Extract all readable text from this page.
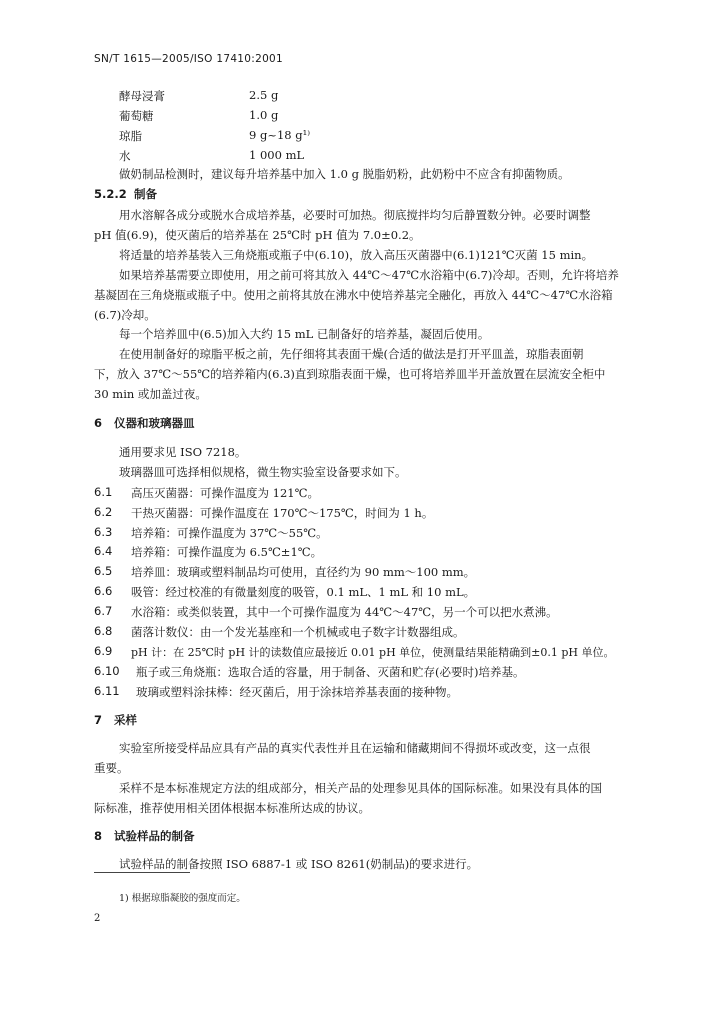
SN/T 1615—2005/ISO 17410:2001
酵母浸膏	2.5 g
葡萄糖	1.0 g
琼脂	9 g~18 g¹⁾
水	1 000 mL
做奶制品检测时，建议每升培养基中加入 1.0 g 脱脂奶粉，此奶粉中不应含有抑菌物质。
5.2.2 制备
用水溶解各成分或脱水合成培养基，必要时可加热。彻底搅拌均匀后静置数分钟。必要时调整
pH 值(6.9)，使灭菌后的培养基在 25℃时 pH 值为 7.0±0.2。
将适量的培养基装入三角烧瓶或瓶子中(6.10)，放入高压灭菌器中(6.1)121℃灭菌 15 min。
如果培养基需要立即使用，用之前可将其放入 44℃～47℃水浴箱中(6.7)冷却。否则，允许将培养
基凝固在三角烧瓶或瓶子中。使用之前将其放在沸水中使培养基完全融化，再放入 44℃～47℃水浴箱
(6.7)冷却。
每一个培养皿中(6.5)加入大约 15 mL 已制备好的培养基，凝固后使用。
在使用制备好的琼脂平板之前，先仔细将其表面干燥(合适的做法是打开平皿盖，琼脂表面朝
下，放入 37℃～55℃的培养箱内(6.3)直到琼脂表面干燥，也可将培养皿半开盖放置在层流安全柜中
30 min 或加盖过夜。
6 仪器和玻璃器皿
通用要求见 ISO 7218。
玻璃器皿可选择相似规格，微生物实验室设备要求如下。
6.1 高压灭菌器：可操作温度为 121℃。
6.2 干热灭菌器：可操作温度在 170℃～175℃，时间为 1 h。
6.3 培养箱：可操作温度为 37℃～55℃。
6.4 培养箱：可操作温度为 6.5℃±1℃。
6.5 培养皿：玻璃或塑料制品均可使用，直径约为 90 mm～100 mm。
6.6 吸管：经过校准的有微量刻度的吸管，0.1 mL、1 mL 和 10 mL。
6.7 水浴箱：或类似装置，其中一个可操作温度为 44℃～47℃，另一个可以把水煮沸。
6.8 菌落计数仪：由一个发光基座和一个机械或电子数字计数器组成。
6.9 pH 计：在 25℃时 pH 计的读数值应最接近 0.01 pH 单位，使测量结果能精确到±0.1 pH 单位。
6.10 瓶子或三角烧瓶：选取合适的容量，用于制备、灭菌和贮存(必要时)培养基。
6.11 玻璃或塑料涂抹棒：经灭菌后，用于涂抹培养基表面的接种物。
7 采样
实验室所接受样品应具有产品的真实代表性并且在运输和储藏期间不得损坏或改变，这一点很
重要。
采样不是本标准规定方法的组成部分，相关产品的处理参见具体的国际标准。如果没有具体的国
际标准，推荐使用相关团体根据本标准所达成的协议。
8 试验样品的制备
试验样品的制备按照 ISO 6887-1 或 ISO 8261(奶制品)的要求进行。
1) 根据琼脂凝胶的强度而定。
2
